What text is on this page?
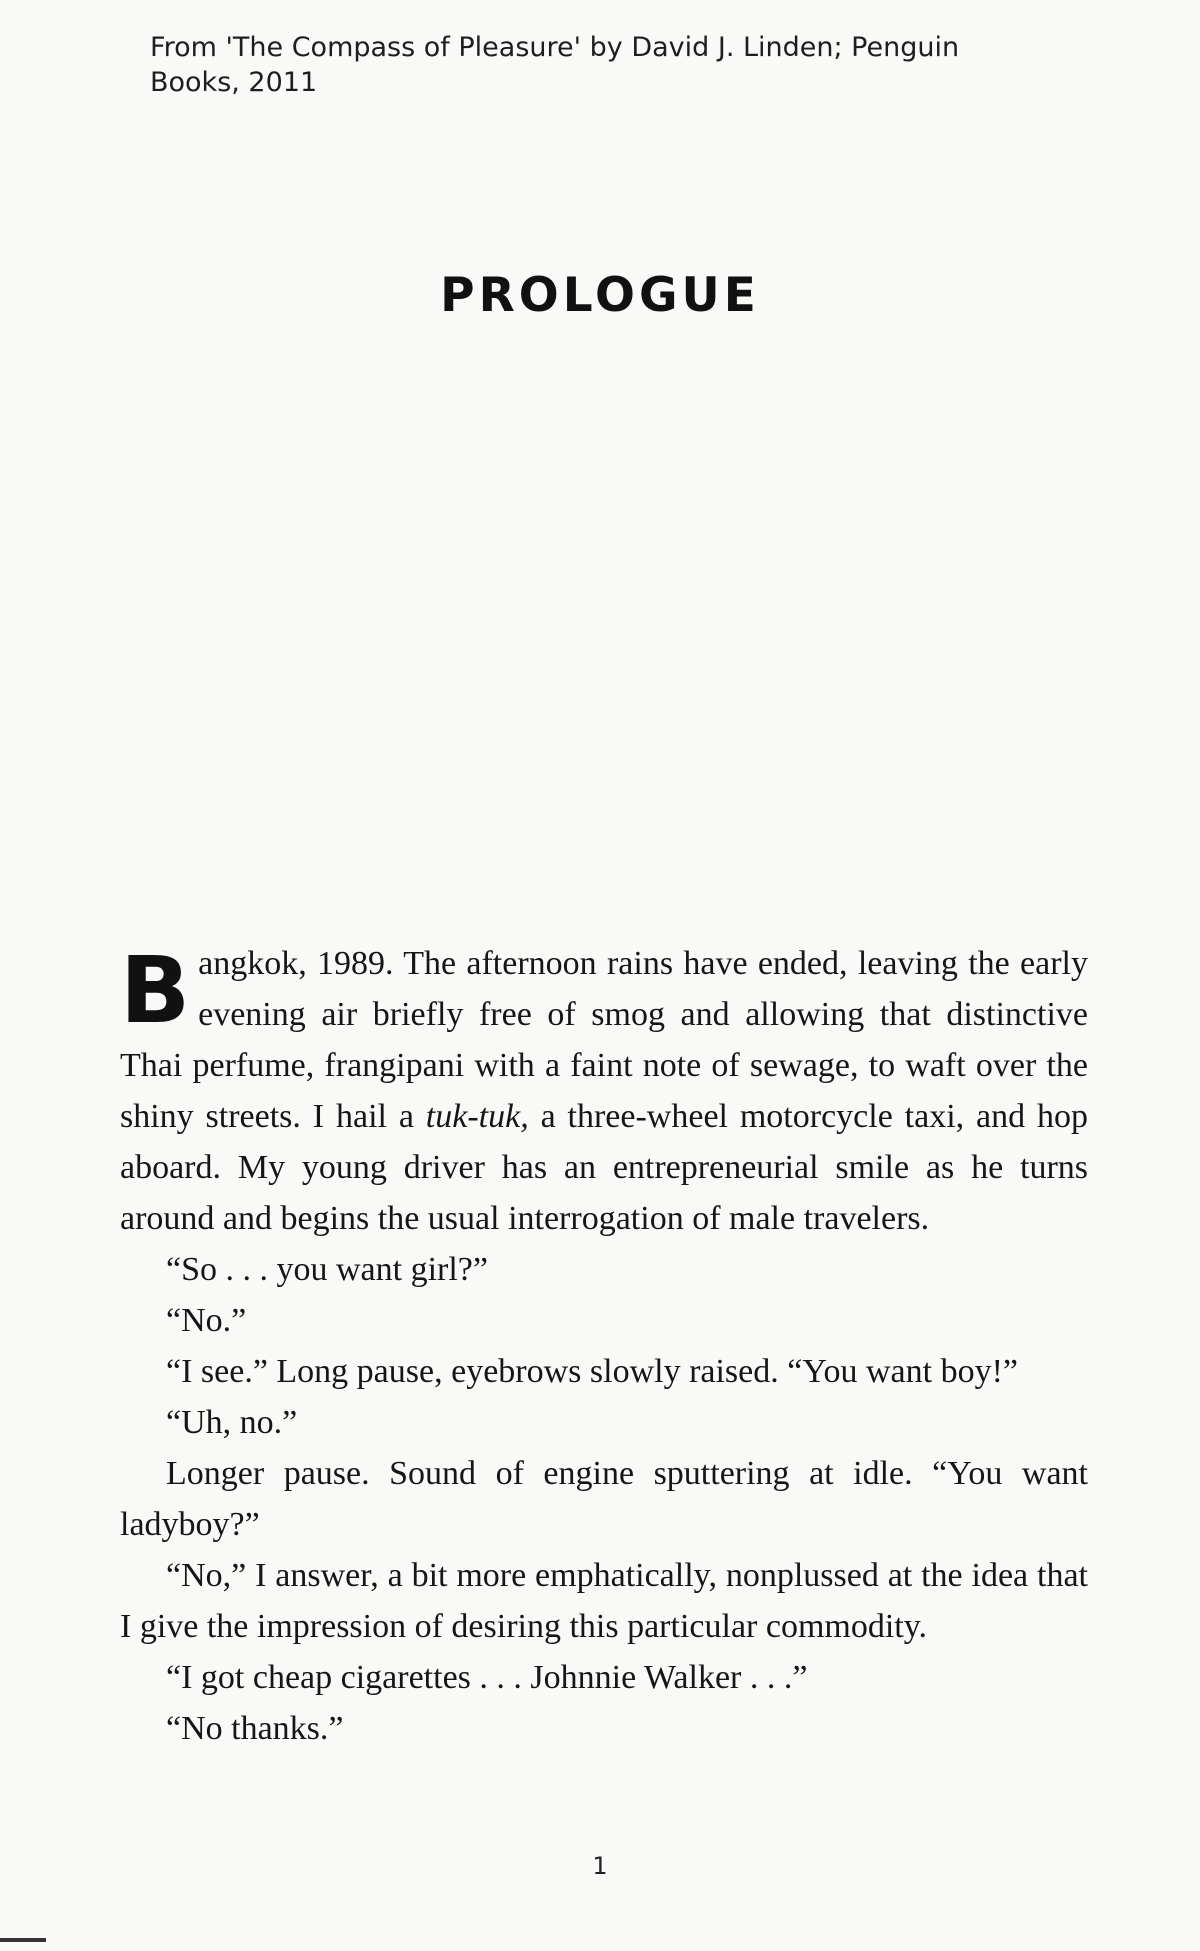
From 'The Compass of Pleasure' by David J. Linden; Penguin Books, 2011
PROLOGUE

Bangkok, 1989. The afternoon rains have ended, leaving the early evening air briefly free of smog and allowing that distinctive Thai perfume, frangipani with a faint note of sewage, to waft over the shiny streets. I hail a tuk-tuk, a three-wheel motorcycle taxi, and hop aboard. My young driver has an entrepreneurial smile as he turns around and begins the usual interrogation of male travelers.

“So . . . you want girl?”

“No.”

“I see.” Long pause, eyebrows slowly raised. “You want boy!”

“Uh, no.”

Longer pause. Sound of engine sputtering at idle. “You want ladyboy?”

“No,” I answer, a bit more emphatically, nonplussed at the idea that I give the impression of desiring this particular commodity.

“I got cheap cigarettes . . . Johnnie Walker . . .”

“No thanks.”

1
